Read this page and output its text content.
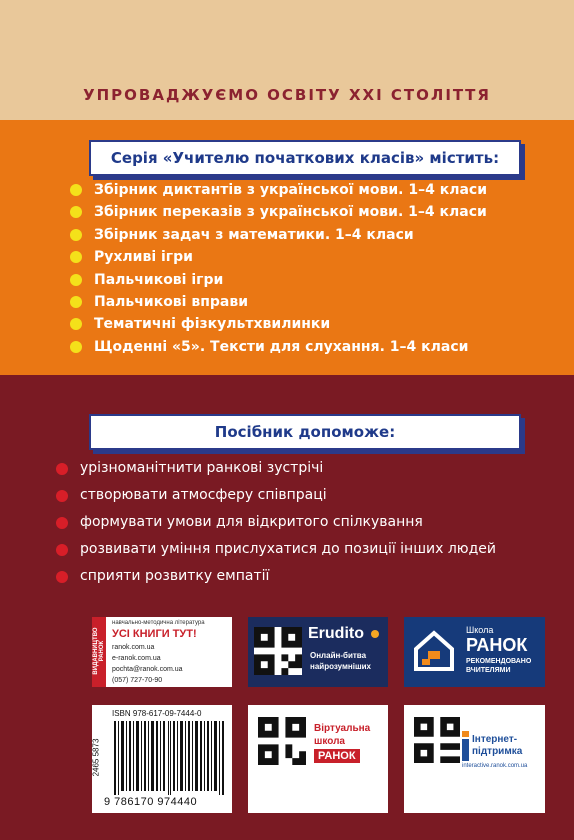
УПРОВАДЖУЄМО ОСВІТУ XXI СТОЛІТТЯ
Серія «Учителю початкових класів» містить:
Збірник диктантів з української мови. 1–4 класи
Збірник переказів з української мови. 1–4 класи
Збірник задач з математики. 1–4 класи
Рухливі ігри
Пальчикові ігри
Пальчикові вправи
Тематичні фізкультхвилинки
Щоденні «5». Тексти для слухання. 1–4 класи
Посібник допоможе:
урізноманітнити ранкові зустрічі
створювати атмосферу співпраці
формувати умови для відкритого спілкування
розвивати уміння прислухатися до позиції інших людей
сприяти розвитку емпатії
ВИДАВНИЦТВО РАНОК
навчально-методична література
УСІ КНИГИ ТУТ!
ranok.com.ua
e-ranok.com.ua
pochta@ranok.com.ua
(057) 727-70-90
Erudito
Онлайн-битва
найрозумніших
Школа
РАНОК
РЕКОМЕНДОВАНО
ВЧИТЕЛЯМИ
ISBN 978-617-09-7444-0
2465 5873
9 786170 974440
Віртуальна
школа
РАНОК
Інтернет-
підтримка
interactive.ranok.com.ua
